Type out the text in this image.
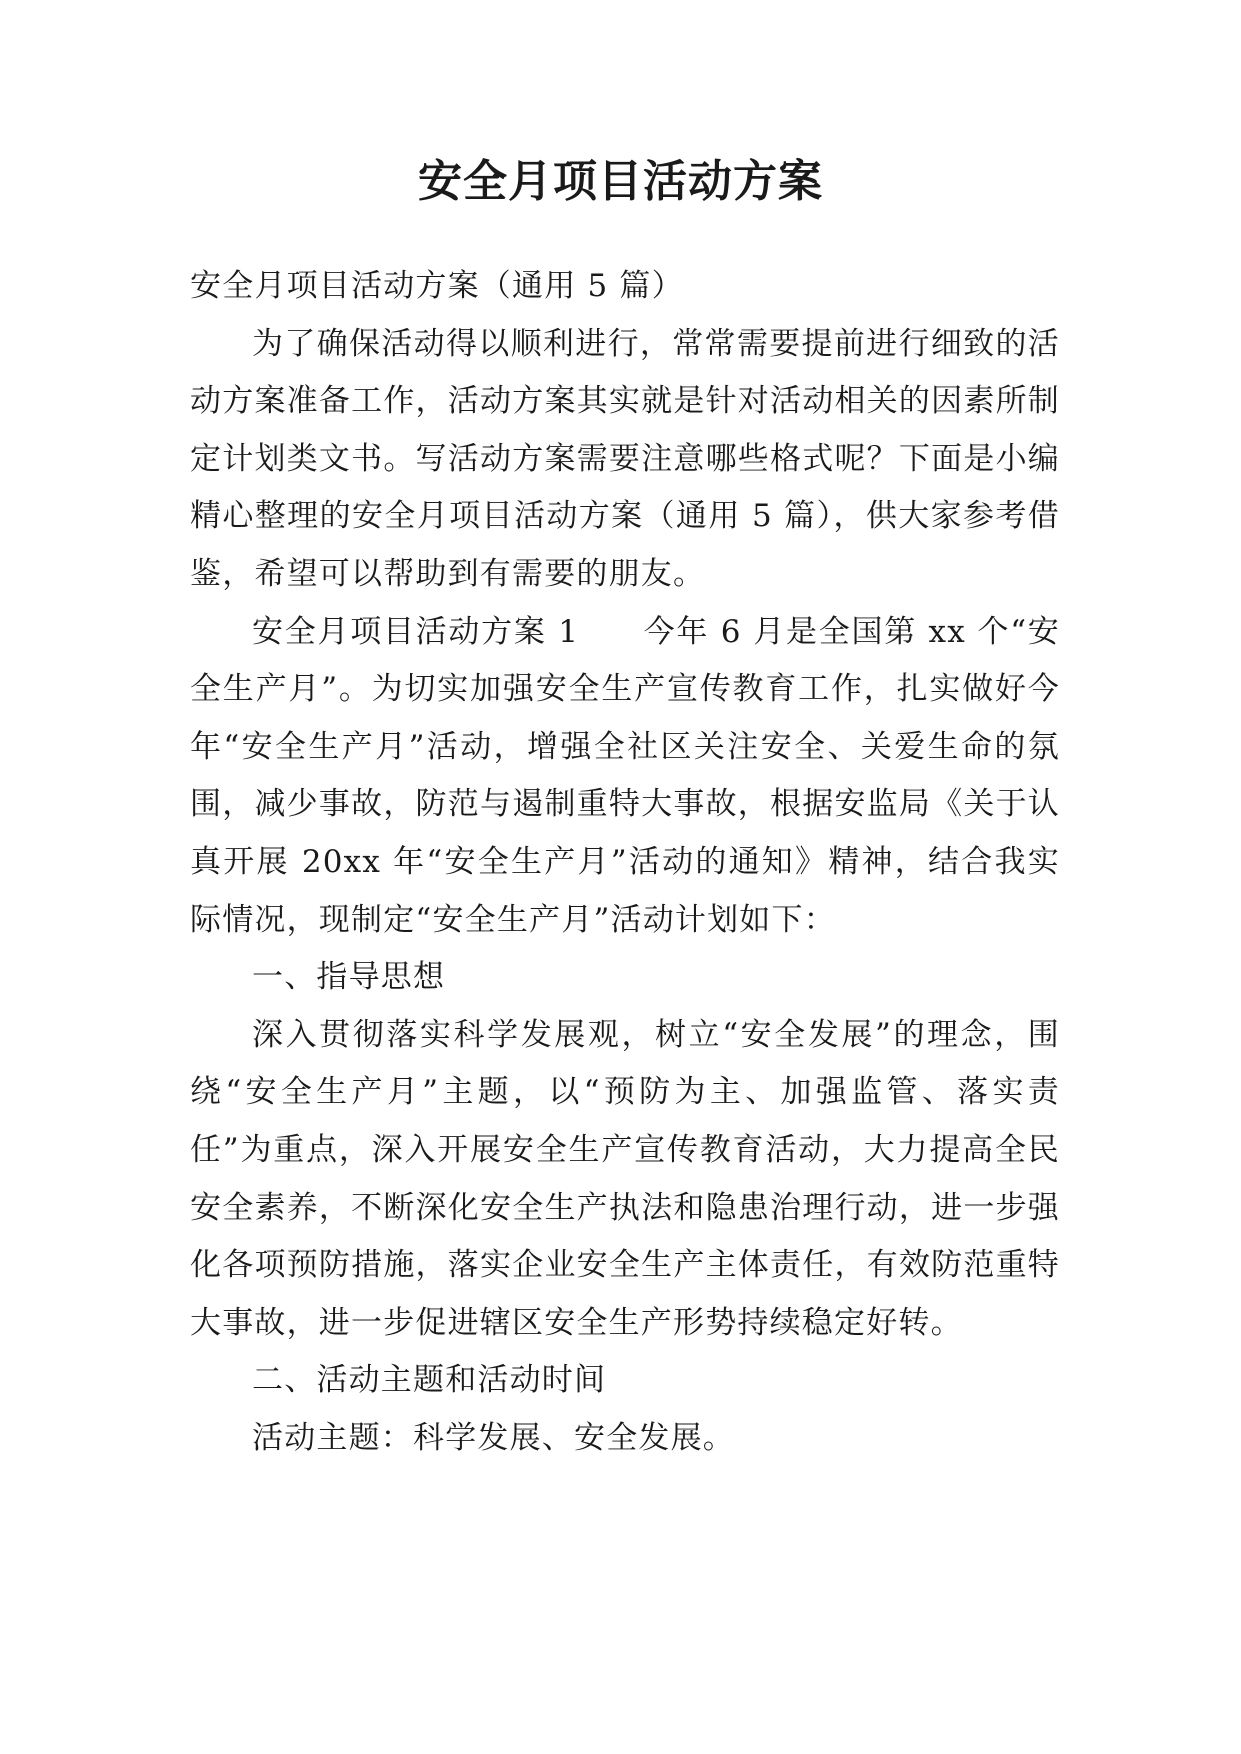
安全月项目活动方案

安全月项目活动方案（通用 5 篇）

为了确保活动得以顺利进行，常常需要提前进行细致的活动方案准备工作，活动方案其实就是针对活动相关的因素所制定计划类文书。写活动方案需要注意哪些格式呢？下面是小编精心整理的安全月项目活动方案（通用 5 篇），供大家参考借鉴，希望可以帮助到有需要的朋友。

安全月项目活动方案 1 今年 6 月是全国第 xx 个“安全生产月”。为切实加强安全生产宣传教育工作，扎实做好今年“安全生产月”活动，增强全社区关注安全、关爱生命的氛围，减少事故，防范与遏制重特大事故，根据安监局《关于认真开展 20xx 年“安全生产月”活动的通知》精神，结合我实际情况，现制定“安全生产月”活动计划如下：

一、指导思想

深入贯彻落实科学发展观，树立“安全发展”的理念，围绕“安全生产月”主题，以“预防为主、加强监管、落实责任”为重点，深入开展安全生产宣传教育活动，大力提高全民安全素养，不断深化安全生产执法和隐患治理行动，进一步强化各项预防措施，落实企业安全生产主体责任，有效防范重特大事故，进一步促进辖区安全生产形势持续稳定好转。

二、活动主题和活动时间

活动主题：科学发展、安全发展。
